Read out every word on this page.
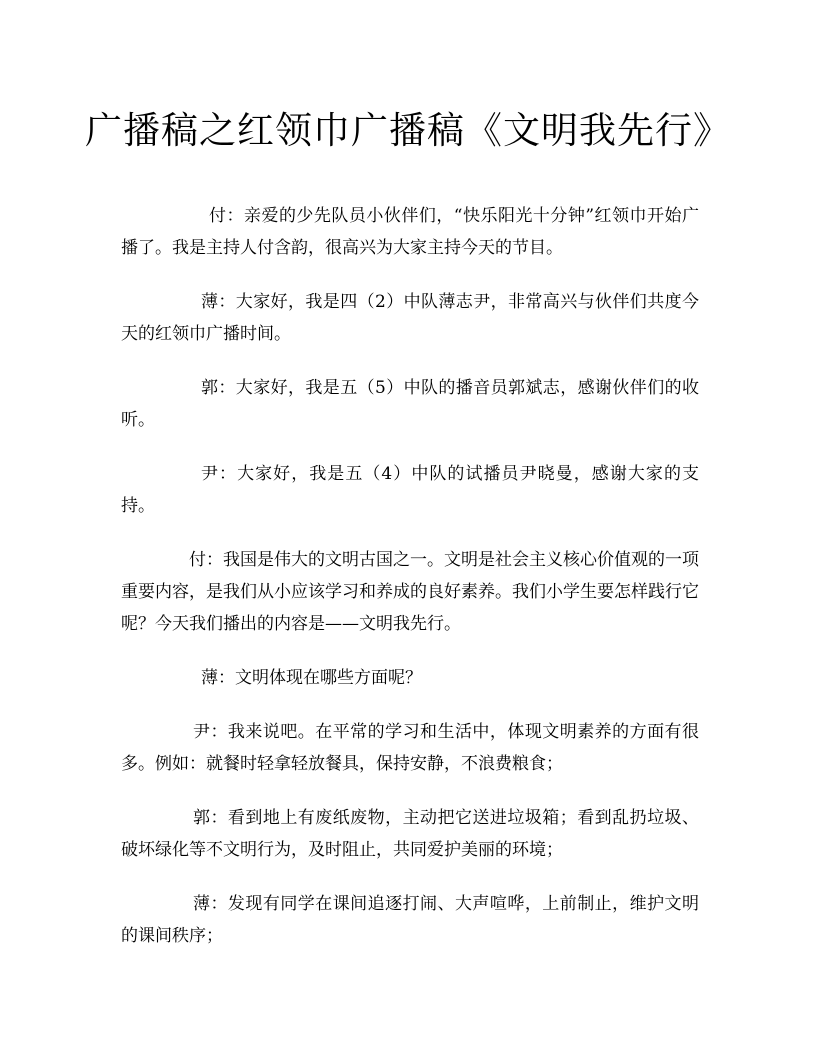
广播稿之红领巾广播稿《文明我先行》

付：亲爱的少先队员小伙伴们，“快乐阳光十分钟”红领巾开始广播了。我是主持人付含韵，很高兴为大家主持今天的节目。

薄：大家好，我是四（2）中队薄志尹，非常高兴与伙伴们共度今天的红领巾广播时间。

郭：大家好，我是五（5）中队的播音员郭斌志，感谢伙伴们的收听。

尹：大家好，我是五（4）中队的试播员尹晓曼，感谢大家的支持。

付：我国是伟大的文明古国之一。文明是社会主义核心价值观的一项重要内容，是我们从小应该学习和养成的良好素养。我们小学生要怎样践行它呢？今天我们播出的内容是——文明我先行。

薄：文明体现在哪些方面呢？

尹：我来说吧。在平常的学习和生活中，体现文明素养的方面有很多。例如：就餐时轻拿轻放餐具，保持安静，不浪费粮食；

郭：看到地上有废纸废物，主动把它送进垃圾箱；看到乱扔垃圾、破坏绿化等不文明行为，及时阻止，共同爱护美丽的环境；

薄：发现有同学在课间追逐打闹、大声喧哗，上前制止，维护文明的课间秩序；
